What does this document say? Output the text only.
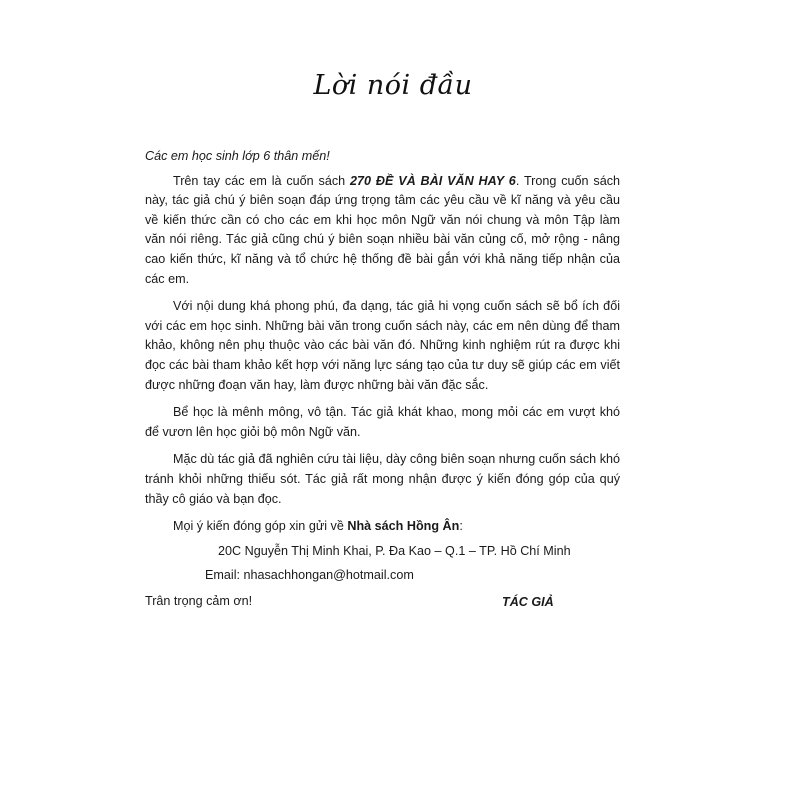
Lời nói đầu

Các em học sinh lớp 6 thân mến!

Trên tay các em là cuốn sách 270 ĐỀ VÀ BÀI VĂN HAY 6. Trong cuốn sách này, tác giả chú ý biên soạn đáp ứng trọng tâm các yêu cầu về kĩ năng và yêu cầu về kiến thức cần có cho các em khi học môn Ngữ văn nói chung và môn Tập làm văn nói riêng. Tác giả cũng chú ý biên soạn nhiều bài văn củng cố, mở rộng - nâng cao kiến thức, kĩ năng và tổ chức hệ thống đề bài gắn với khả năng tiếp nhận của các em.

Với nội dung khá phong phú, đa dạng, tác giả hi vọng cuốn sách sẽ bổ ích đối với các em học sinh. Những bài văn trong cuốn sách này, các em nên dùng để tham khảo, không nên phụ thuộc vào các bài văn đó. Những kinh nghiệm rút ra được khi đọc các bài tham khảo kết hợp với năng lực sáng tạo của tư duy sẽ giúp các em viết được những đoạn văn hay, làm được những bài văn đặc sắc.

Bể học là mênh mông, vô tận. Tác giả khát khao, mong mỏi các em vượt khó để vươn lên học giỏi bộ môn Ngữ văn.

Mặc dù tác giả đã nghiên cứu tài liệu, dày công biên soạn nhưng cuốn sách khó tránh khỏi những thiếu sót. Tác giả rất mong nhận được ý kiến đóng góp của quý thầy cô giáo và bạn đọc.

Mọi ý kiến đóng góp xin gửi về Nhà sách Hồng Ân:

20C Nguyễn Thị Minh Khai, P. Đa Kao – Q.1 – TP. Hồ Chí Minh

Email: nhasachhongan@hotmail.com

Trân trọng cảm ơn!	TÁC GIẢ
